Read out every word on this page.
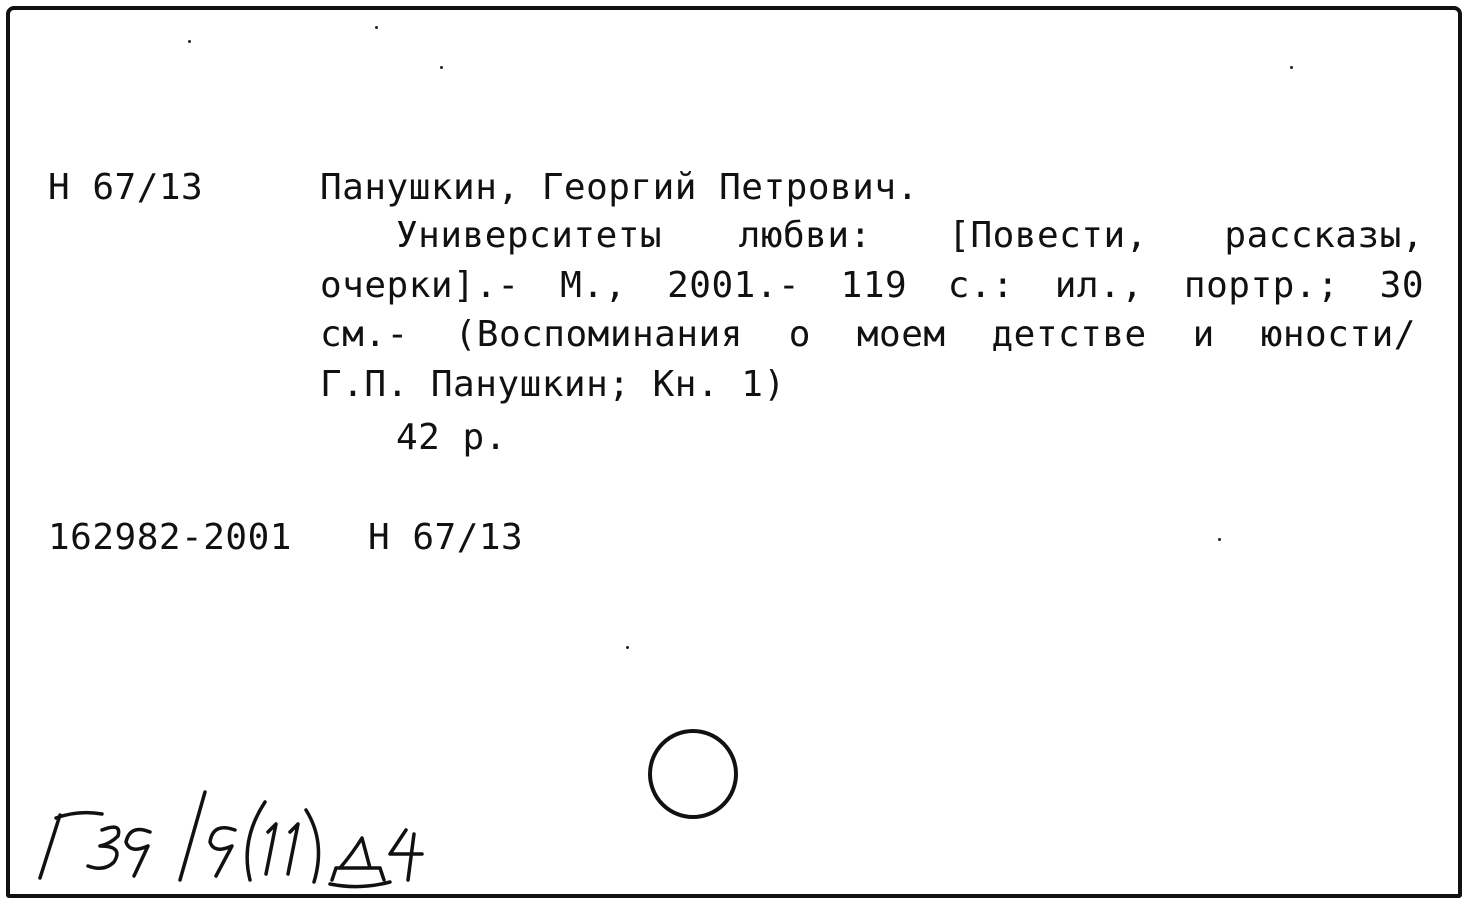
Н 67/13	Панушкин, Георгий Петрович.
Университеты любви: [Повести, рассказы,
очерки].- М., 2001.- 119 с.: ил., портр.; 30
см.- (Воспоминания о моем детстве и юности/
Г.П. Панушкин; Кн. 1)
42 р.
162982-2001 Н 67/13
